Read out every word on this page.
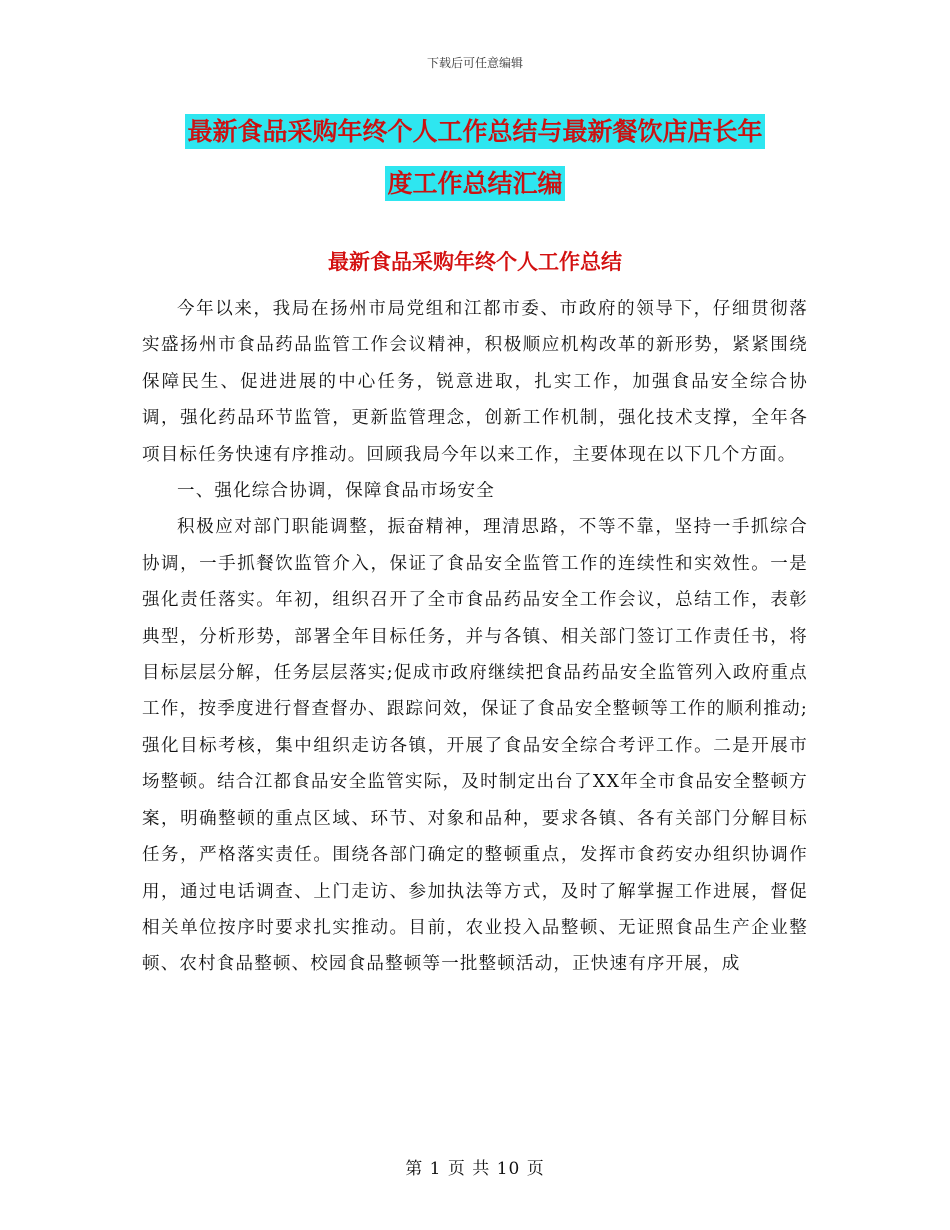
下载后可任意编辑
最新食品采购年终个人工作总结与最新餐饮店店长年
度工作总结汇编
最新食品采购年终个人工作总结

今年以来，我局在扬州市局党组和江都市委、市政府的领导下，仔细贯彻落实盛扬州市食品药品监管工作会议精神，积极顺应机构改革的新形势，紧紧围绕保障民生、促进进展的中心任务，锐意进取，扎实工作，加强食品安全综合协调，强化药品环节监管，更新监管理念，创新工作机制，强化技术支撑，全年各项目标任务快速有序推动。回顾我局今年以来工作，主要体现在以下几个方面。

一、强化综合协调，保障食品市场安全

积极应对部门职能调整，振奋精神，理清思路，不等不靠，坚持一手抓综合协调，一手抓餐饮监管介入，保证了食品安全监管工作的连续性和实效性。一是强化责任落实。年初，组织召开了全市食品药品安全工作会议，总结工作，表彰典型，分析形势，部署全年目标任务，并与各镇、相关部门签订工作责任书，将目标层层分解，任务层层落实;促成市政府继续把食品药品安全监管列入政府重点工作，按季度进行督查督办、跟踪问效，保证了食品安全整顿等工作的顺利推动;强化目标考核，集中组织走访各镇，开展了食品安全综合考评工作。二是开展市场整顿。结合江都食品安全监管实际，及时制定出台了XX年全市食品安全整顿方案，明确整顿的重点区域、环节、对象和品种，要求各镇、各有关部门分解目标任务，严格落实责任。围绕各部门确定的整顿重点，发挥市食药安办组织协调作用，通过电话调查、上门走访、参加执法等方式，及时了解掌握工作进展，督促相关单位按序时要求扎实推动。目前，农业投入品整顿、无证照食品生产企业整顿、农村食品整顿、校园食品整顿等一批整顿活动，正快速有序开展，成

第 1 页 共 10 页
